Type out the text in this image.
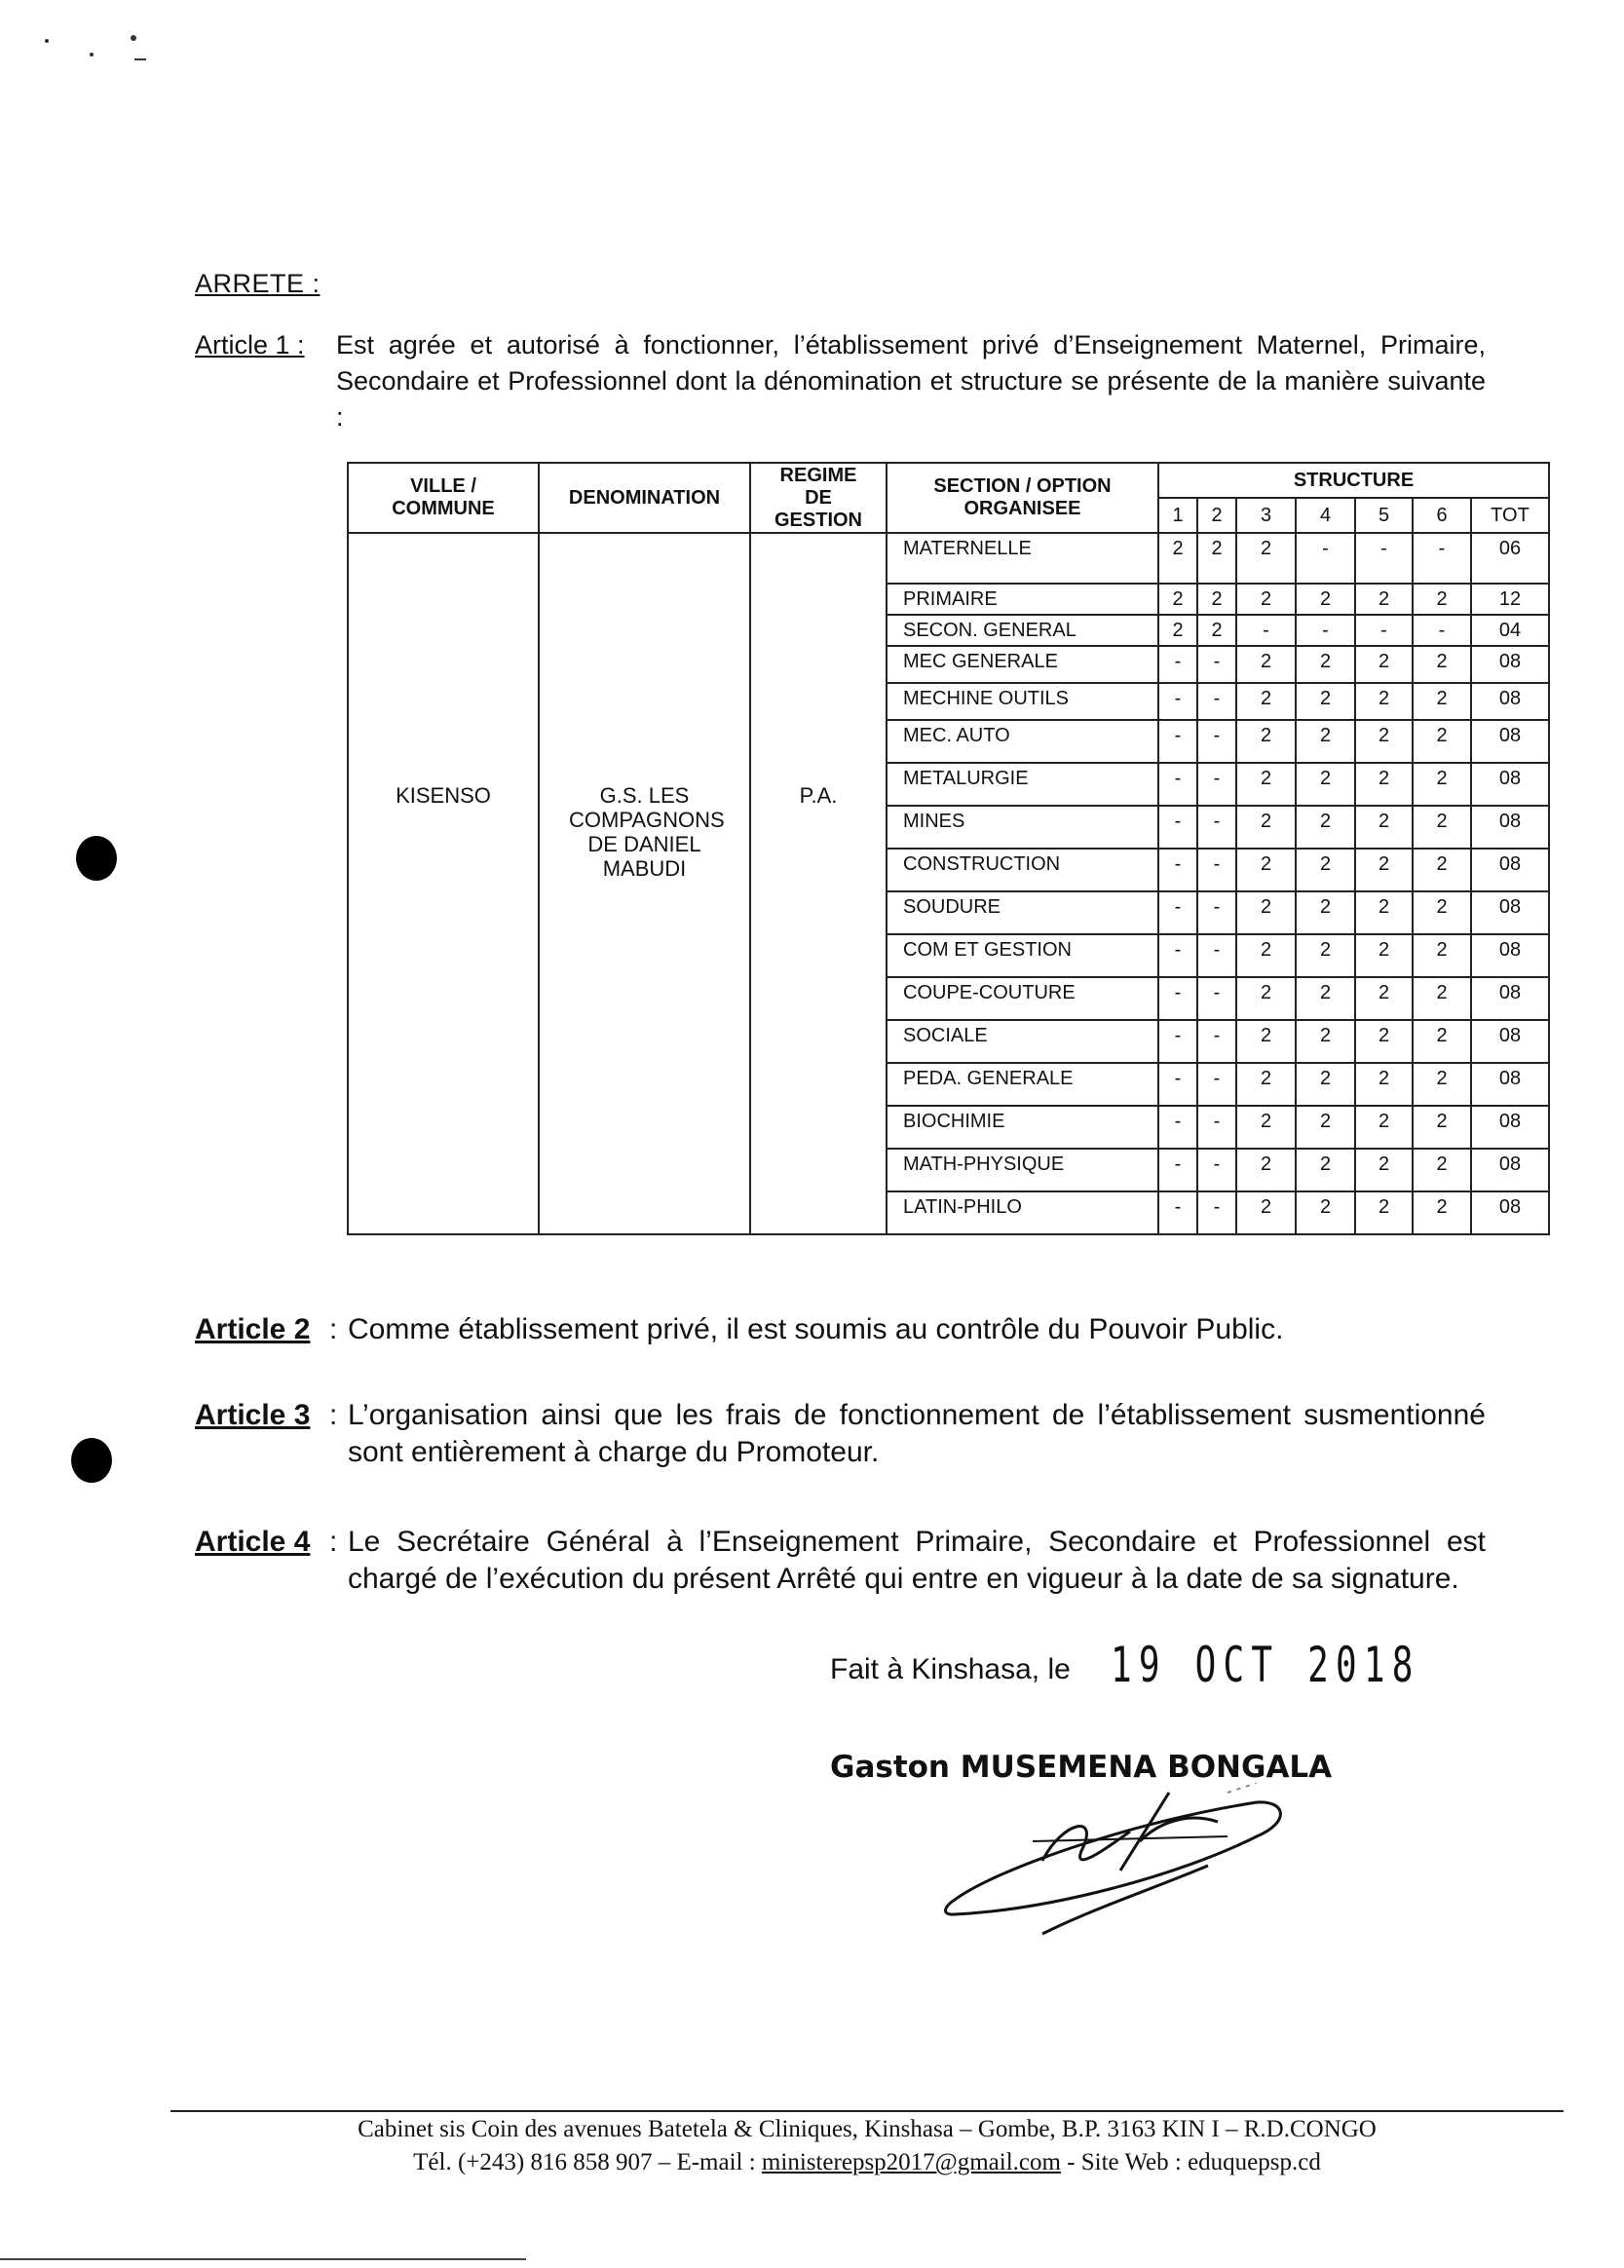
ARRETE :
Article 1 : Est agrée et autorisé à fonctionner, l’établissement privé d’Enseignement Maternel, Primaire, Secondaire et Professionnel dont la dénomination et structure se présente de la manière suivante :
VILLE / COMMUNE	DENOMINATION	REGIME DE GESTION	SECTION / OPTION ORGANISEE	STRUCTURE						
				1	2	3	4	5	6	TOT
KISENSO	G.S. LES COMPAGNONS DE DANIEL MABUDI	P.A.	MATERNELLE	2	2	2	-	-	-	06
			PRIMAIRE	2	2	2	2	2	2	12
			SECON. GENERAL	2	2	-	-	-	-	04
			MEC GENERALE	-	-	2	2	2	2	08
			MECHINE OUTILS	-	-	2	2	2	2	08
			MEC. AUTO	-	-	2	2	2	2	08
			METALURGIE	-	-	2	2	2	2	08
			MINES	-	-	2	2	2	2	08
			CONSTRUCTION	-	-	2	2	2	2	08
			SOUDURE	-	-	2	2	2	2	08
			COM ET GESTION	-	-	2	2	2	2	08
			COUPE-COUTURE	-	-	2	2	2	2	08
			SOCIALE	-	-	2	2	2	2	08
			PEDA. GENERALE	-	-	2	2	2	2	08
			BIOCHIMIE	-	-	2	2	2	2	08
			MATH-PHYSIQUE	-	-	2	2	2	2	08
			LATIN-PHILO	-	-	2	2	2	2	08
Article 2 : Comme établissement privé, il est soumis au contrôle du Pouvoir Public.
Article 3 : L’organisation ainsi que les frais de fonctionnement de l’établissement susmentionné sont entièrement à charge du Promoteur.
Article 4 : Le Secrétaire Général à l’Enseignement Primaire, Secondaire et Professionnel est chargé de l’exécution du présent Arrêté qui entre en vigueur à la date de sa signature.
Fait à Kinshasa, le 19 OCT 2018
Gaston MUSEMENA BONGALA
Cabinet sis Coin des avenues Batetela & Cliniques, Kinshasa – Gombe, B.P. 3163 KIN I – R.D.CONGO
Tél. (+243) 816 858 907 – E-mail : ministerepsp2017@gmail.com - Site Web : eduquepsp.cd
